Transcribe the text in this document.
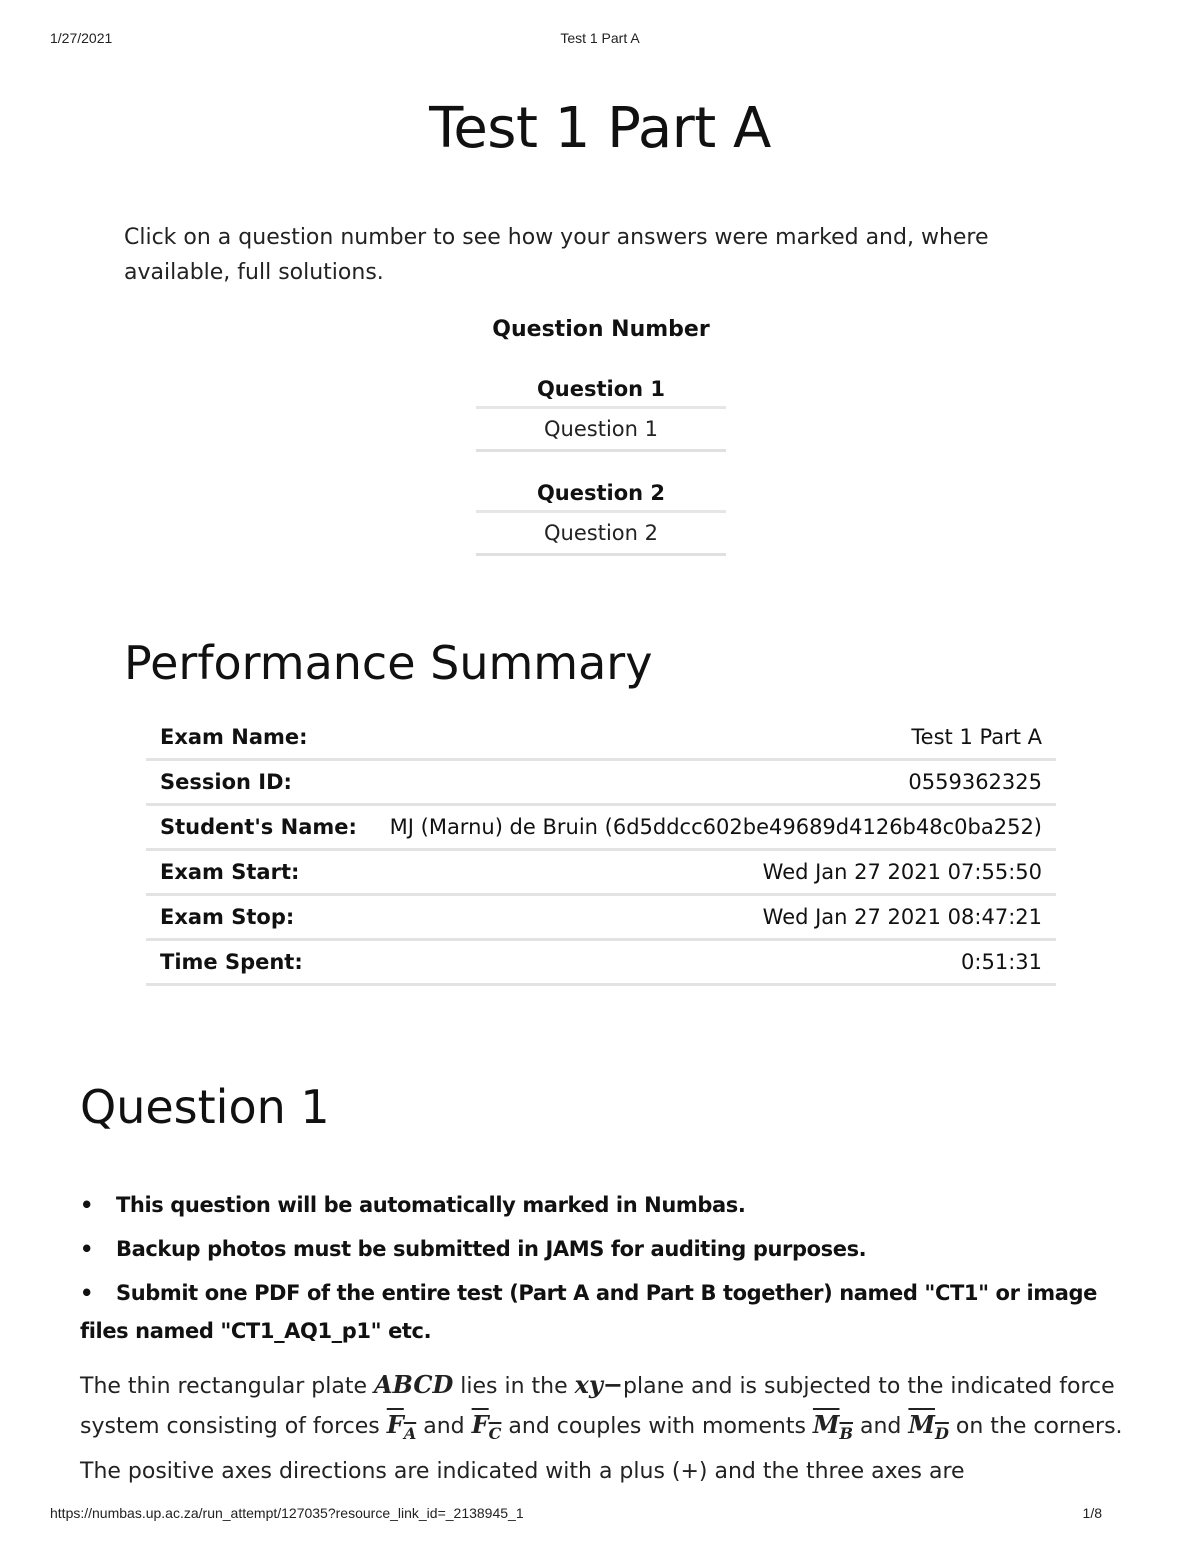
1/27/2021	Test 1 Part A
Test 1 Part A

Click on a question number to see how your answers were marked and, where available, full solutions.

Question Number
Question 1
Question 1
Question 2
Question 2
Performance Summary
Exam Name:	Test 1 Part A
Session ID:	0559362325
Student's Name:	MJ (Marnu) de Bruin (6d5ddcc602be49689d4126b48c0ba252)
Exam Start:	Wed Jan 27 2021 07:55:50
Exam Stop:	Wed Jan 27 2021 08:47:21
Time Spent:	0:51:31
Question 1
• This question will be automatically marked in Numbas.
• Backup photos must be submitted in JAMS for auditing purposes.
• Submit one PDF of the entire test (Part A and Part B together) named "CT1" or image files named "CT1_AQ1_p1" etc.

The thin rectangular plate ABCD lies in the xy−plane and is subjected to the indicated force system consisting of forces $F_A$ and $F_C$ and couples with moments $M_B$ and $M_D$ on the corners. The positive axes directions are indicated with a plus (+) and the three axes are

https://numbas.up.ac.za/run_attempt/127035?resource_link_id=_2138945_1	1/8
